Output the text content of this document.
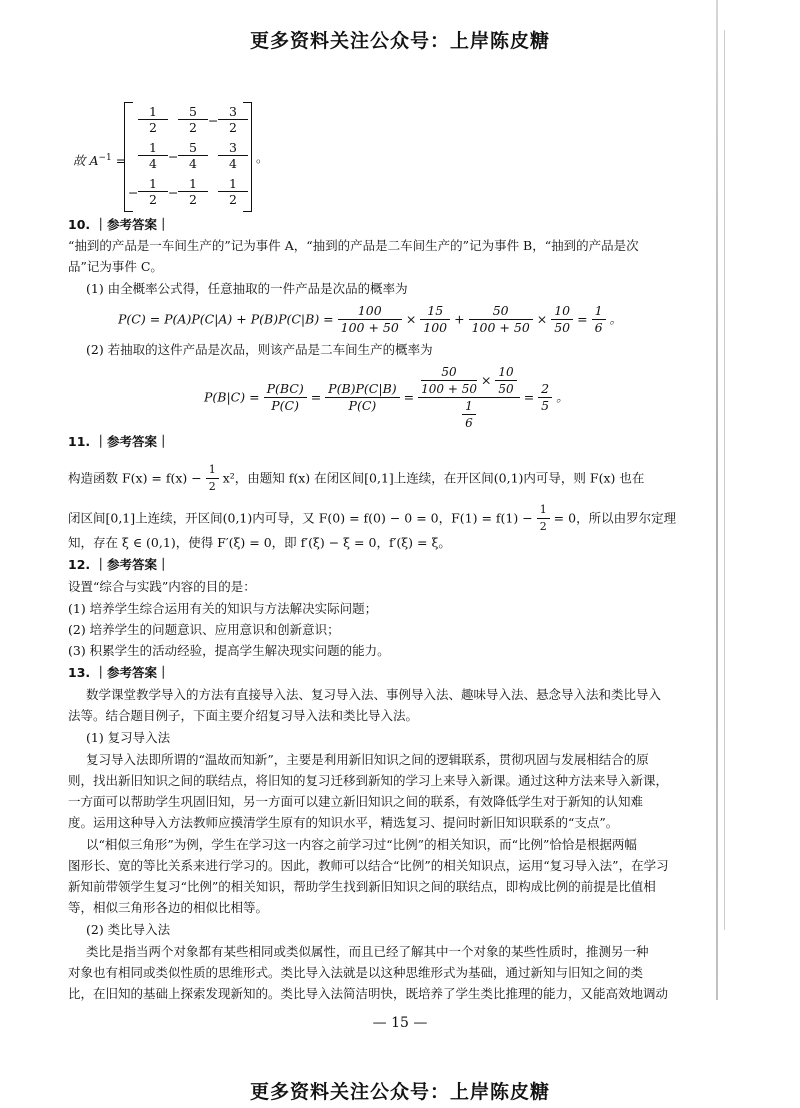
更多资料关注公众号：上岸陈皮糖
故 $A^{-1}$ =	。
1
2
5
2 −
3
2
1
4 −
5
4
3
4
−
1
2 −
1
2
1
2
10. ｜参考答案｜
“抽到的产品是一车间生产的”记为事件 A，“抽到的产品是二车间生产的”记为事件 B，“抽到的产品是次
品”记为事件 C。
(1) 由全概率公式得，任意抽取的一件产品是次品的概率为
$P(C) = P(A)P(C|A) + P(B)P(C|B) = \frac{100}{100 + 50} \times \frac{15}{100} + \frac{50}{100 + 50} \times \frac{10}{50} = \frac{1}{6}$ 。
(2) 若抽取的这件产品是次品，则该产品是二车间生产的概率为
$P(B|C) = \frac{P(BC)}{P(C)} = \frac{P(B)P(C|B)}{P(C)} = \frac{\frac{50}{100 + 50} \times \frac{10}{50}}{\frac{1}{6}} = \frac{2}{5}$ 。
11. ｜参考答案｜
构造函数 $F(x) = f(x) - \frac{1}{2} x^2$，由题知 f(x) 在闭区间[0,1]上连续，在开区间(0,1)内可导，则 F(x) 也在
闭区间[0,1]上连续，开区间(0,1)内可导，又 F(0) = f(0) − 0 = 0，$F(1) = f(1) - \frac{1}{2} = 0$，所以由罗尔定理
知，存在 ξ ∈ (0,1)，使得 F′(ξ) = 0，即 f′(ξ) − ξ = 0，f′(ξ) = ξ。
12. ｜参考答案｜
设置“综合与实践”内容的目的是：
(1) 培养学生综合运用有关的知识与方法解决实际问题；
(2) 培养学生的问题意识、应用意识和创新意识；
(3) 积累学生的活动经验，提高学生解决现实问题的能力。
13. ｜参考答案｜
数学课堂教学导入的方法有直接导入法、复习导入法、事例导入法、趣味导入法、悬念导入法和类比导入
法等。结合题目例子，下面主要介绍复习导入法和类比导入法。
(1) 复习导入法
复习导入法即所谓的“温故而知新”，主要是利用新旧知识之间的逻辑联系，贯彻巩固与发展相结合的原
则，找出新旧知识之间的联结点，将旧知的复习迁移到新知的学习上来导入新课。通过这种方法来导入新课，
一方面可以帮助学生巩固旧知，另一方面可以建立新旧知识之间的联系，有效降低学生对于新知的认知难
度。运用这种导入方法教师应摸清学生原有的知识水平，精选复习、提问时新旧知识联系的“支点”。
以“相似三角形”为例，学生在学习这一内容之前学习过“比例”的相关知识，而“比例”恰恰是根据两幅
图形长、宽的等比关系来进行学习的。因此，教师可以结合“比例”的相关知识点，运用“复习导入法”，在学习
新知前带领学生复习“比例”的相关知识，帮助学生找到新旧知识之间的联结点，即构成比例的前提是比值相
等，相似三角形各边的相似比相等。
(2) 类比导入法
类比是指当两个对象都有某些相同或类似属性，而且已经了解其中一个对象的某些性质时，推测另一种
对象也有相同或类似性质的思维形式。类比导入法就是以这种思维形式为基础，通过新知与旧知之间的类
比，在旧知的基础上探索发现新知的。类比导入法简洁明快，既培养了学生类比推理的能力，又能高效地调动
— 15 —
更多资料关注公众号：上岸陈皮糖
